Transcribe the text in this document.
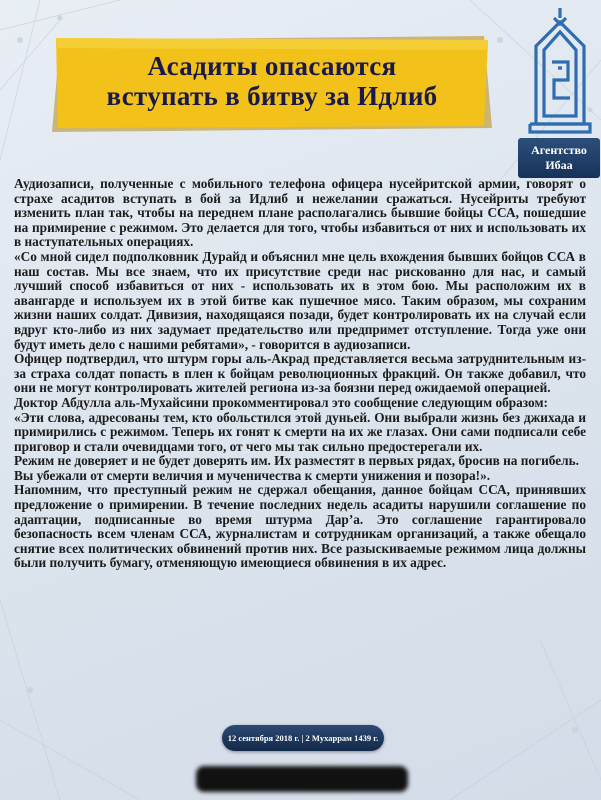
Асадиты опасаются
вступать в битву за Идлиб
Агентство
Ибаа

Аудиозаписи, полученные с мобильного телефона офицера нусейритской армии, говорят о страхе асадитов вступать в бой за Идлиб и нежелании сражаться. Нусейриты требуют изменить план так, чтобы на переднем плане располагались бывшие бойцы ССА, пошедшие на примирение с режимом. Это делается для того, чтобы избавиться от них и использовать их в наступательных операциях.

«Со мной сидел подполковник Дурайд и объяснил мне цель вхождения бывших бойцов ССА в наш состав. Мы все знаем, что их присутствие среди нас рискованно для нас, и самый лучший способ избавиться от них - использовать их в этом бою. Мы расположим их в авангарде и используем их в этой битве как пушечное мясо. Таким образом, мы сохраним жизни наших солдат. Дивизия, находящаяся позади, будет контролировать их на случай если вдруг кто-либо из них задумает предательство или предпримет отступление. Тогда уже они будут иметь дело с нашими ребятами», - говорится в аудиозаписи.

Офицер подтвердил, что штурм горы аль-Акрад представляется весьма затруднительным из-за страха солдат попасть в плен к бойцам революционных фракций. Он также добавил, что они не могут контролировать жителей региона из-за боязни перед ожидаемой операцией.

Доктор Абдулла аль-Мухайсини прокомментировал это сообщение следующим образом:

«Эти слова, адресованы тем, кто обольстился этой дуньей. Они выбрали жизнь без джихада и примирились с режимом. Теперь их гонят к смерти на их же глазах. Они сами подписали себе приговор и стали очевидцами того, от чего мы так сильно предостерегали их.

Режим не доверяет и не будет доверять им. Их разместят в первых рядах, бросив на погибель.

Вы убежали от смерти величия и мученичества к смерти унижения и позора!».

Напомним, что преступный режим не сдержал обещания, данное бойцам ССА, принявших предложение о примирении. В течение последних недель асадиты нарушили соглашение по адаптации, подписанные во время штурма Дар’а. Это соглашение гарантировало безопасность всем членам ССА, журналистам и сотрудникам организаций, а также обещало снятие всех политических обвинений против них. Все разыскиваемые режимом лица должны были получить бумагу, отменяющую имеющиеся обвинения в их адрес.

12 сентября 2018 г. | 2 Мухаррам 1439 г.
